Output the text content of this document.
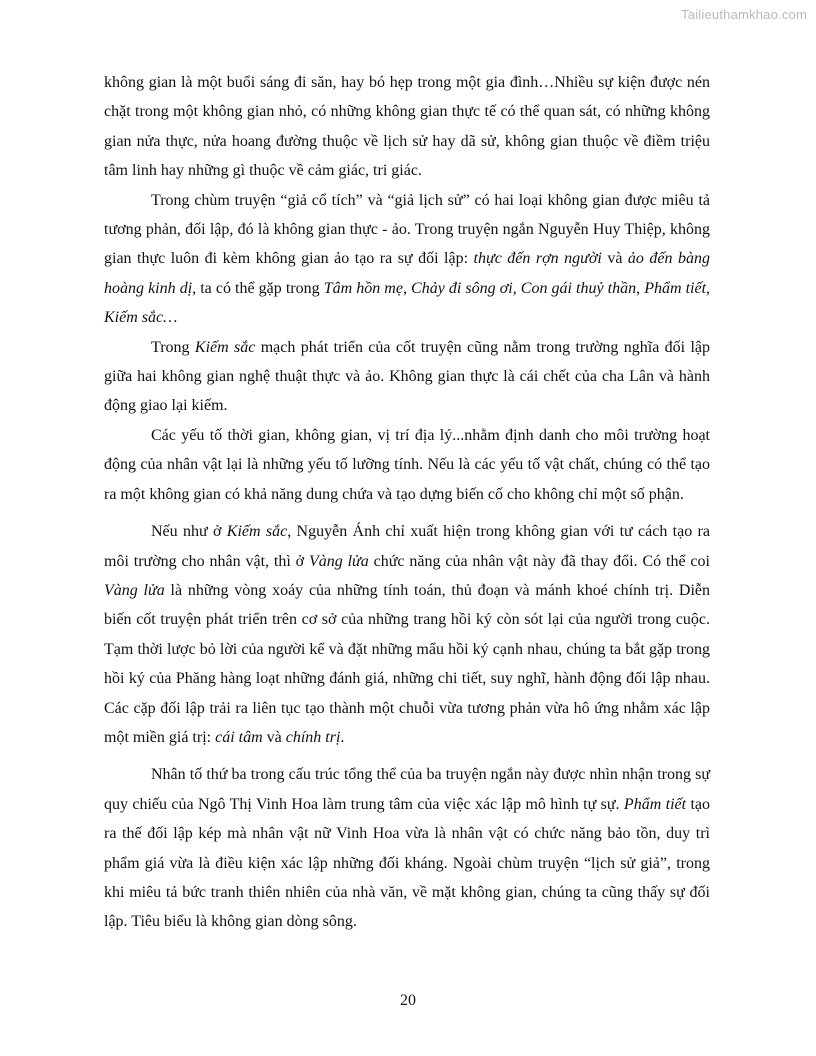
Tailieuthamkhao.com

không gian là một buổi sáng đi săn, hay bó hẹp trong một gia đình…Nhiều sự kiện được nén chặt trong một không gian nhỏ, có những không gian thực tế có thể quan sát, có những không gian nửa thực, nửa hoang đường thuộc về lịch sử hay dã sử, không gian thuộc về điềm triệu tâm linh hay những gì thuộc về cảm giác, tri giác.

Trong chùm truyện “giả cổ tích” và “giả lịch sử” có hai loại không gian được miêu tả tương phản, đối lập, đó là không gian thực - ảo. Trong truyện ngắn Nguyễn Huy Thiệp, không gian thực luôn đi kèm không gian ảo tạo ra sự đối lập: thực đến rợn người và ảo đến bàng hoàng kinh dị, ta có thể gặp trong Tâm hồn mẹ, Chảy đi sông ơi, Con gái thuỷ thần, Phẩm tiết, Kiếm sắc…

Trong Kiếm sắc mạch phát triển của cốt truyện cũng nằm trong trường nghĩa đối lập giữa hai không gian nghệ thuật thực và ảo. Không gian thực là cái chết của cha Lân và hành động giao lại kiếm.

Các yếu tố thời gian, không gian, vị trí địa lý...nhằm định danh cho môi trường hoạt động của nhân vật lại là những yếu tố lưỡng tính. Nếu là các yếu tố vật chất, chúng có thể tạo ra một không gian có khả năng dung chứa và tạo dựng biến cố cho không chỉ một số phận.

Nếu như ở Kiếm sắc, Nguyễn Ánh chỉ xuất hiện trong không gian với tư cách tạo ra môi trường cho nhân vật, thì ở Vàng lửa chức năng của nhân vật này đã thay đổi. Có thể coi Vàng lửa là những vòng xoáy của những tính toán, thủ đoạn và mánh khoé chính trị. Diễn biến cốt truyện phát triển trên cơ sở của những trang hồi ký còn sót lại của người trong cuộc. Tạm thời lược bỏ lời của người kể và đặt những mẩu hồi ký cạnh nhau, chúng ta bắt gặp trong hồi ký của Phăng hàng loạt những đánh giá, những chi tiết, suy nghĩ, hành động đối lập nhau. Các cặp đối lập trải ra liên tục tạo thành một chuỗi vừa tương phản vừa hô ứng nhằm xác lập một miền giá trị: cái tâm và chính trị.

Nhân tố thứ ba trong cấu trúc tổng thể của ba truyện ngắn này được nhìn nhận trong sự quy chiếu của Ngô Thị Vinh Hoa làm trung tâm của việc xác lập mô hình tự sự. Phẩm tiết tạo ra thế đối lập kép mà nhân vật nữ Vinh Hoa vừa là nhân vật có chức năng bảo tồn, duy trì phẩm giá vừa là điều kiện xác lập những đối kháng. Ngoài chùm truyện “lịch sử giả”, trong khi miêu tả bức tranh thiên nhiên của nhà văn, về mặt không gian, chúng ta cũng thấy sự đối lập. Tiêu biểu là không gian dòng sông.

20
